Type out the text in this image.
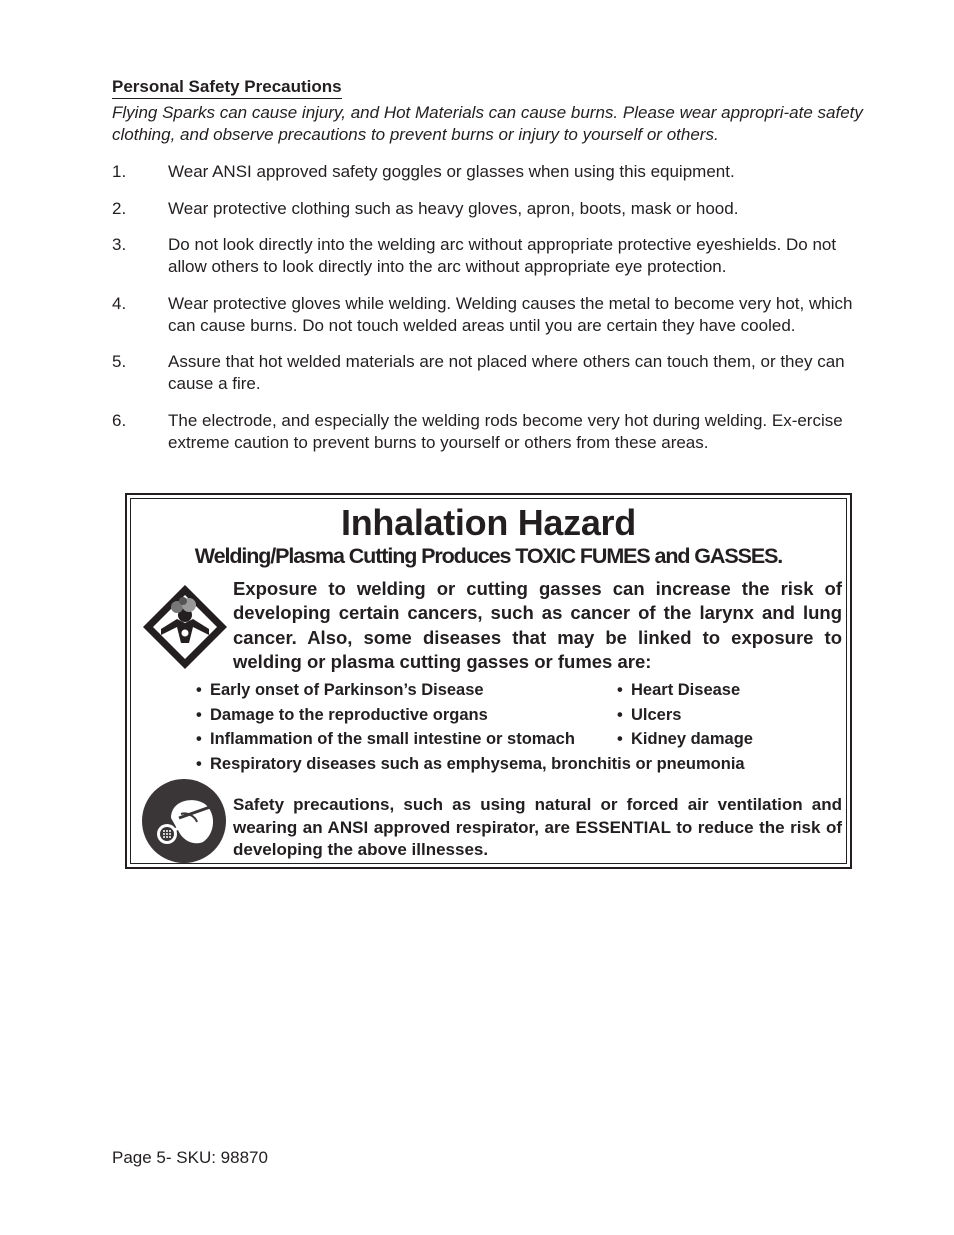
Personal Safety Precautions
Flying Sparks can cause injury, and Hot Materials can cause burns. Please wear appropri-ate safety clothing, and observe precautions to prevent burns or injury to yourself or others.
1.	Wear ANSI approved safety goggles or glasses when using this equipment.
2.	Wear protective clothing such as heavy gloves, apron, boots, mask or hood.
3.	Do not look directly into the welding arc without appropriate protective eyeshields. Do not allow others to look directly into the arc without appropriate eye protection.
4.	Wear protective gloves while welding. Welding causes the metal to become very hot, which can cause burns. Do not touch welded areas until you are certain they have cooled.
5.	Assure that hot welded materials are not placed where others can touch them, or they can cause a fire.
6.	The electrode, and especially the welding rods become very hot during welding. Ex-ercise extreme caution to prevent burns to yourself or others from these areas.
Inhalation Hazard
Welding/Plasma Cutting Produces TOXIC FUMES and GASSES.
Exposure to welding or cutting gasses can increase the risk of developing certain cancers, such as cancer of the larynx and lung cancer. Also, some diseases that may be linked to exposure to welding or plasma cutting gasses or fumes are:
• Early onset of Parkinson’s Disease	• Heart Disease
• Damage to the reproductive organs	• Ulcers
• Inflammation of the small intestine or stomach	• Kidney damage
• Respiratory diseases such as emphysema, bronchitis or pneumonia
Safety precautions, such as using natural or forced air ventilation and wearing an ANSI approved respirator, are ESSENTIAL to reduce the risk of developing the above illnesses.
Page 5- SKU: 98870
